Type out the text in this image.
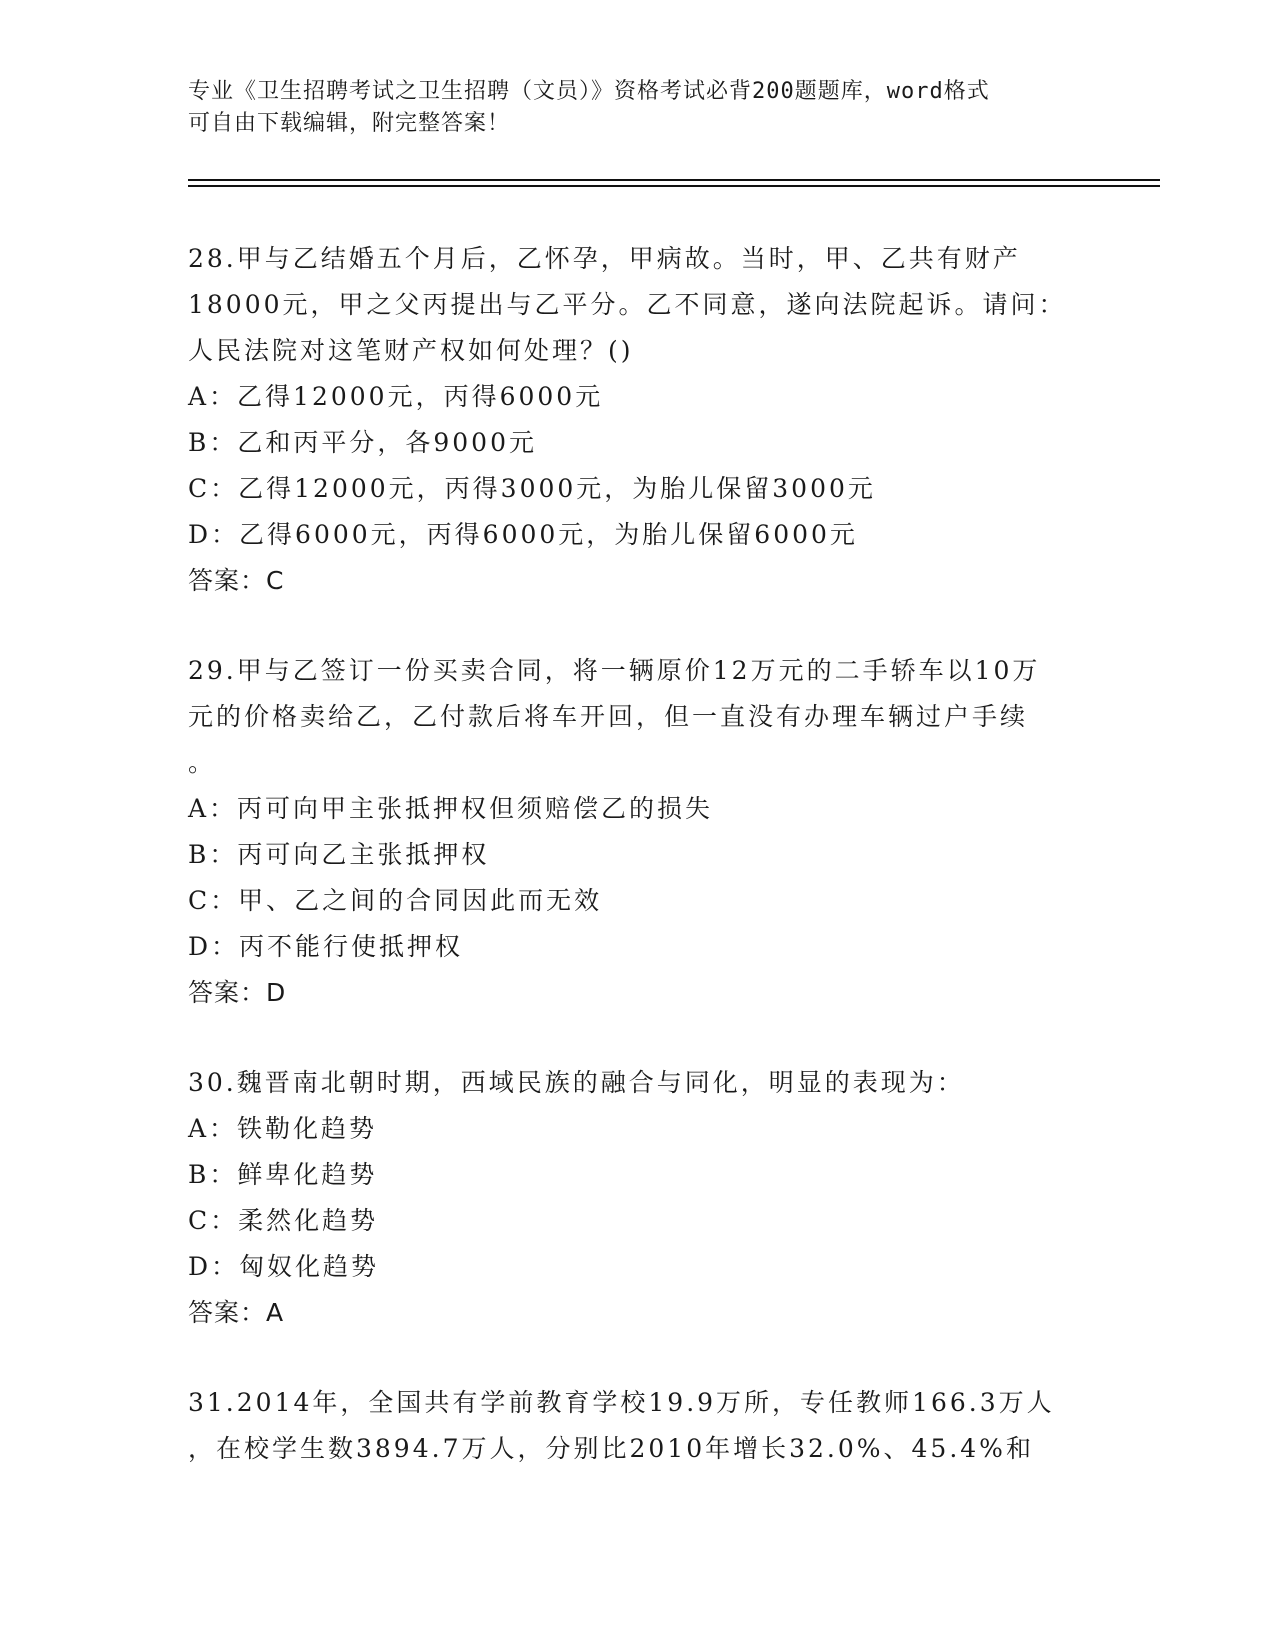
专业《卫生招聘考试之卫生招聘（文员）》资格考试必背200题题库，word格式
可自由下载编辑，附完整答案！

28.甲与乙结婚五个月后，乙怀孕，甲病故。当时，甲、乙共有财产

18000元，甲之父丙提出与乙平分。乙不同意，遂向法院起诉。请问：

人民法院对这笔财产权如何处理？()

A：乙得12000元，丙得6000元

B：乙和丙平分，各9000元

C：乙得12000元，丙得3000元，为胎儿保留3000元

D：乙得6000元，丙得6000元，为胎儿保留6000元

答案：C

29.甲与乙签订一份买卖合同，将一辆原价12万元的二手轿车以10万

元的价格卖给乙，乙付款后将车开回，但一直没有办理车辆过户手续

。

A：丙可向甲主张抵押权但须赔偿乙的损失

B：丙可向乙主张抵押权

C：甲、乙之间的合同因此而无效

D：丙不能行使抵押权

答案：D

30.魏晋南北朝时期，西域民族的融合与同化，明显的表现为：

A：铁勒化趋势

B：鲜卑化趋势

C：柔然化趋势

D：匈奴化趋势

答案：A

31.2014年，全国共有学前教育学校19.9万所，专任教师166.3万人

，在校学生数3894.7万人，分别比2010年增长32.0%、45.4%和
